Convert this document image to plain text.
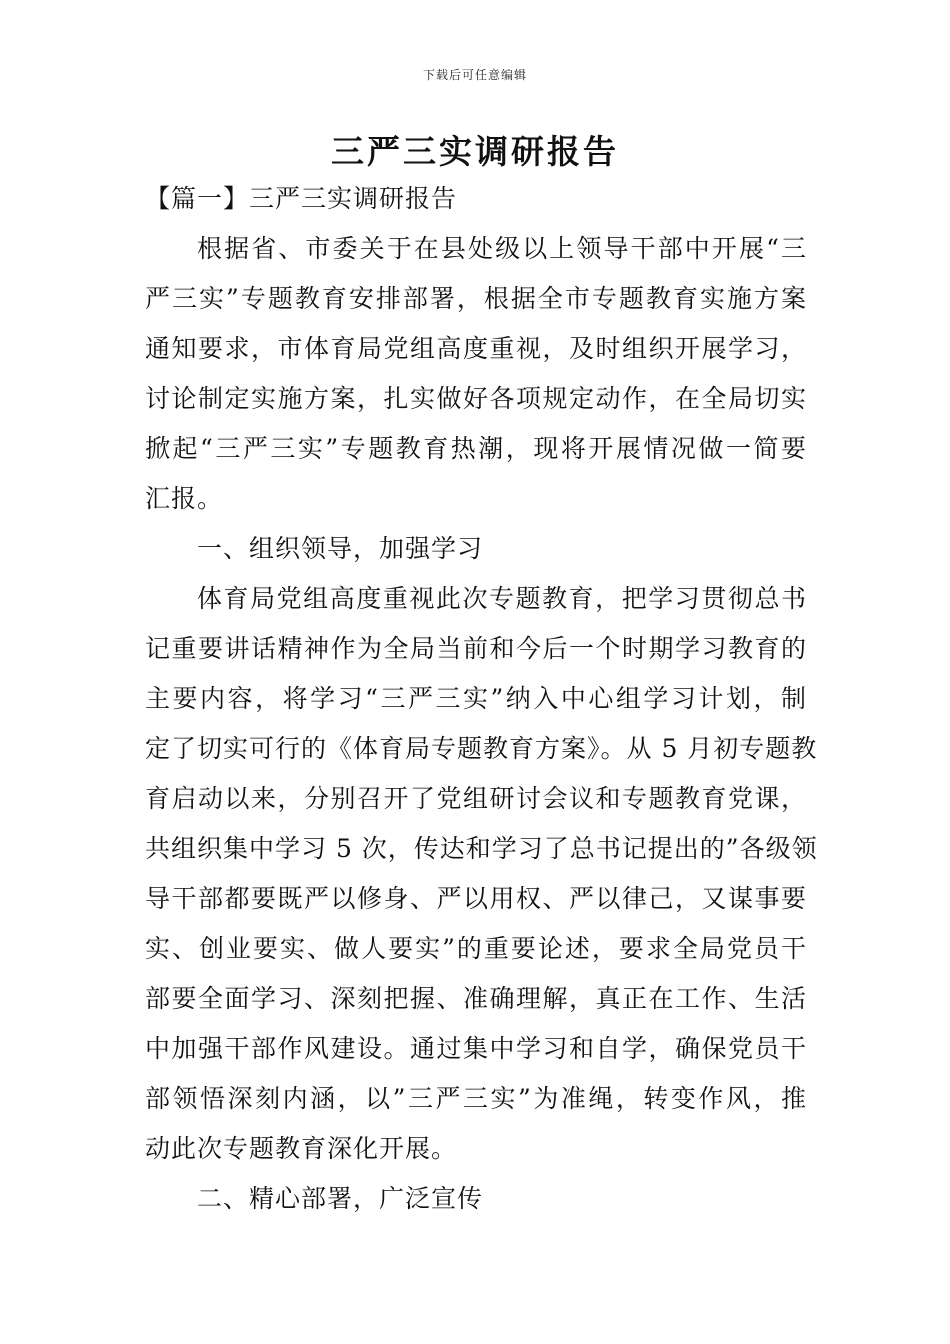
下载后可任意编辑
三严三实调研报告
【篇一】三严三实调研报告
根据省、市委关于在县处级以上领导干部中开展“三
严三实”专题教育安排部署，根据全市专题教育实施方案
通知要求，市体育局党组高度重视，及时组织开展学习，
讨论制定实施方案，扎实做好各项规定动作，在全局切实
掀起“三严三实”专题教育热潮，现将开展情况做一简要
汇报。
一、组织领导，加强学习
体育局党组高度重视此次专题教育，把学习贯彻总书
记重要讲话精神作为全局当前和今后一个时期学习教育的
主要内容，将学习“三严三实”纳入中心组学习计划，制
定了切实可行的《体育局专题教育方案》。从 5 月初专题教
育启动以来，分别召开了党组研讨会议和专题教育党课，
共组织集中学习 5 次，传达和学习了总书记提出的”各级领
导干部都要既严以修身、严以用权、严以律己，又谋事要
实、创业要实、做人要实”的重要论述，要求全局党员干
部要全面学习、深刻把握、准确理解，真正在工作、生活
中加强干部作风建设。通过集中学习和自学，确保党员干
部领悟深刻内涵，以”三严三实”为准绳，转变作风，推
动此次专题教育深化开展。
二、精心部署，广泛宣传
